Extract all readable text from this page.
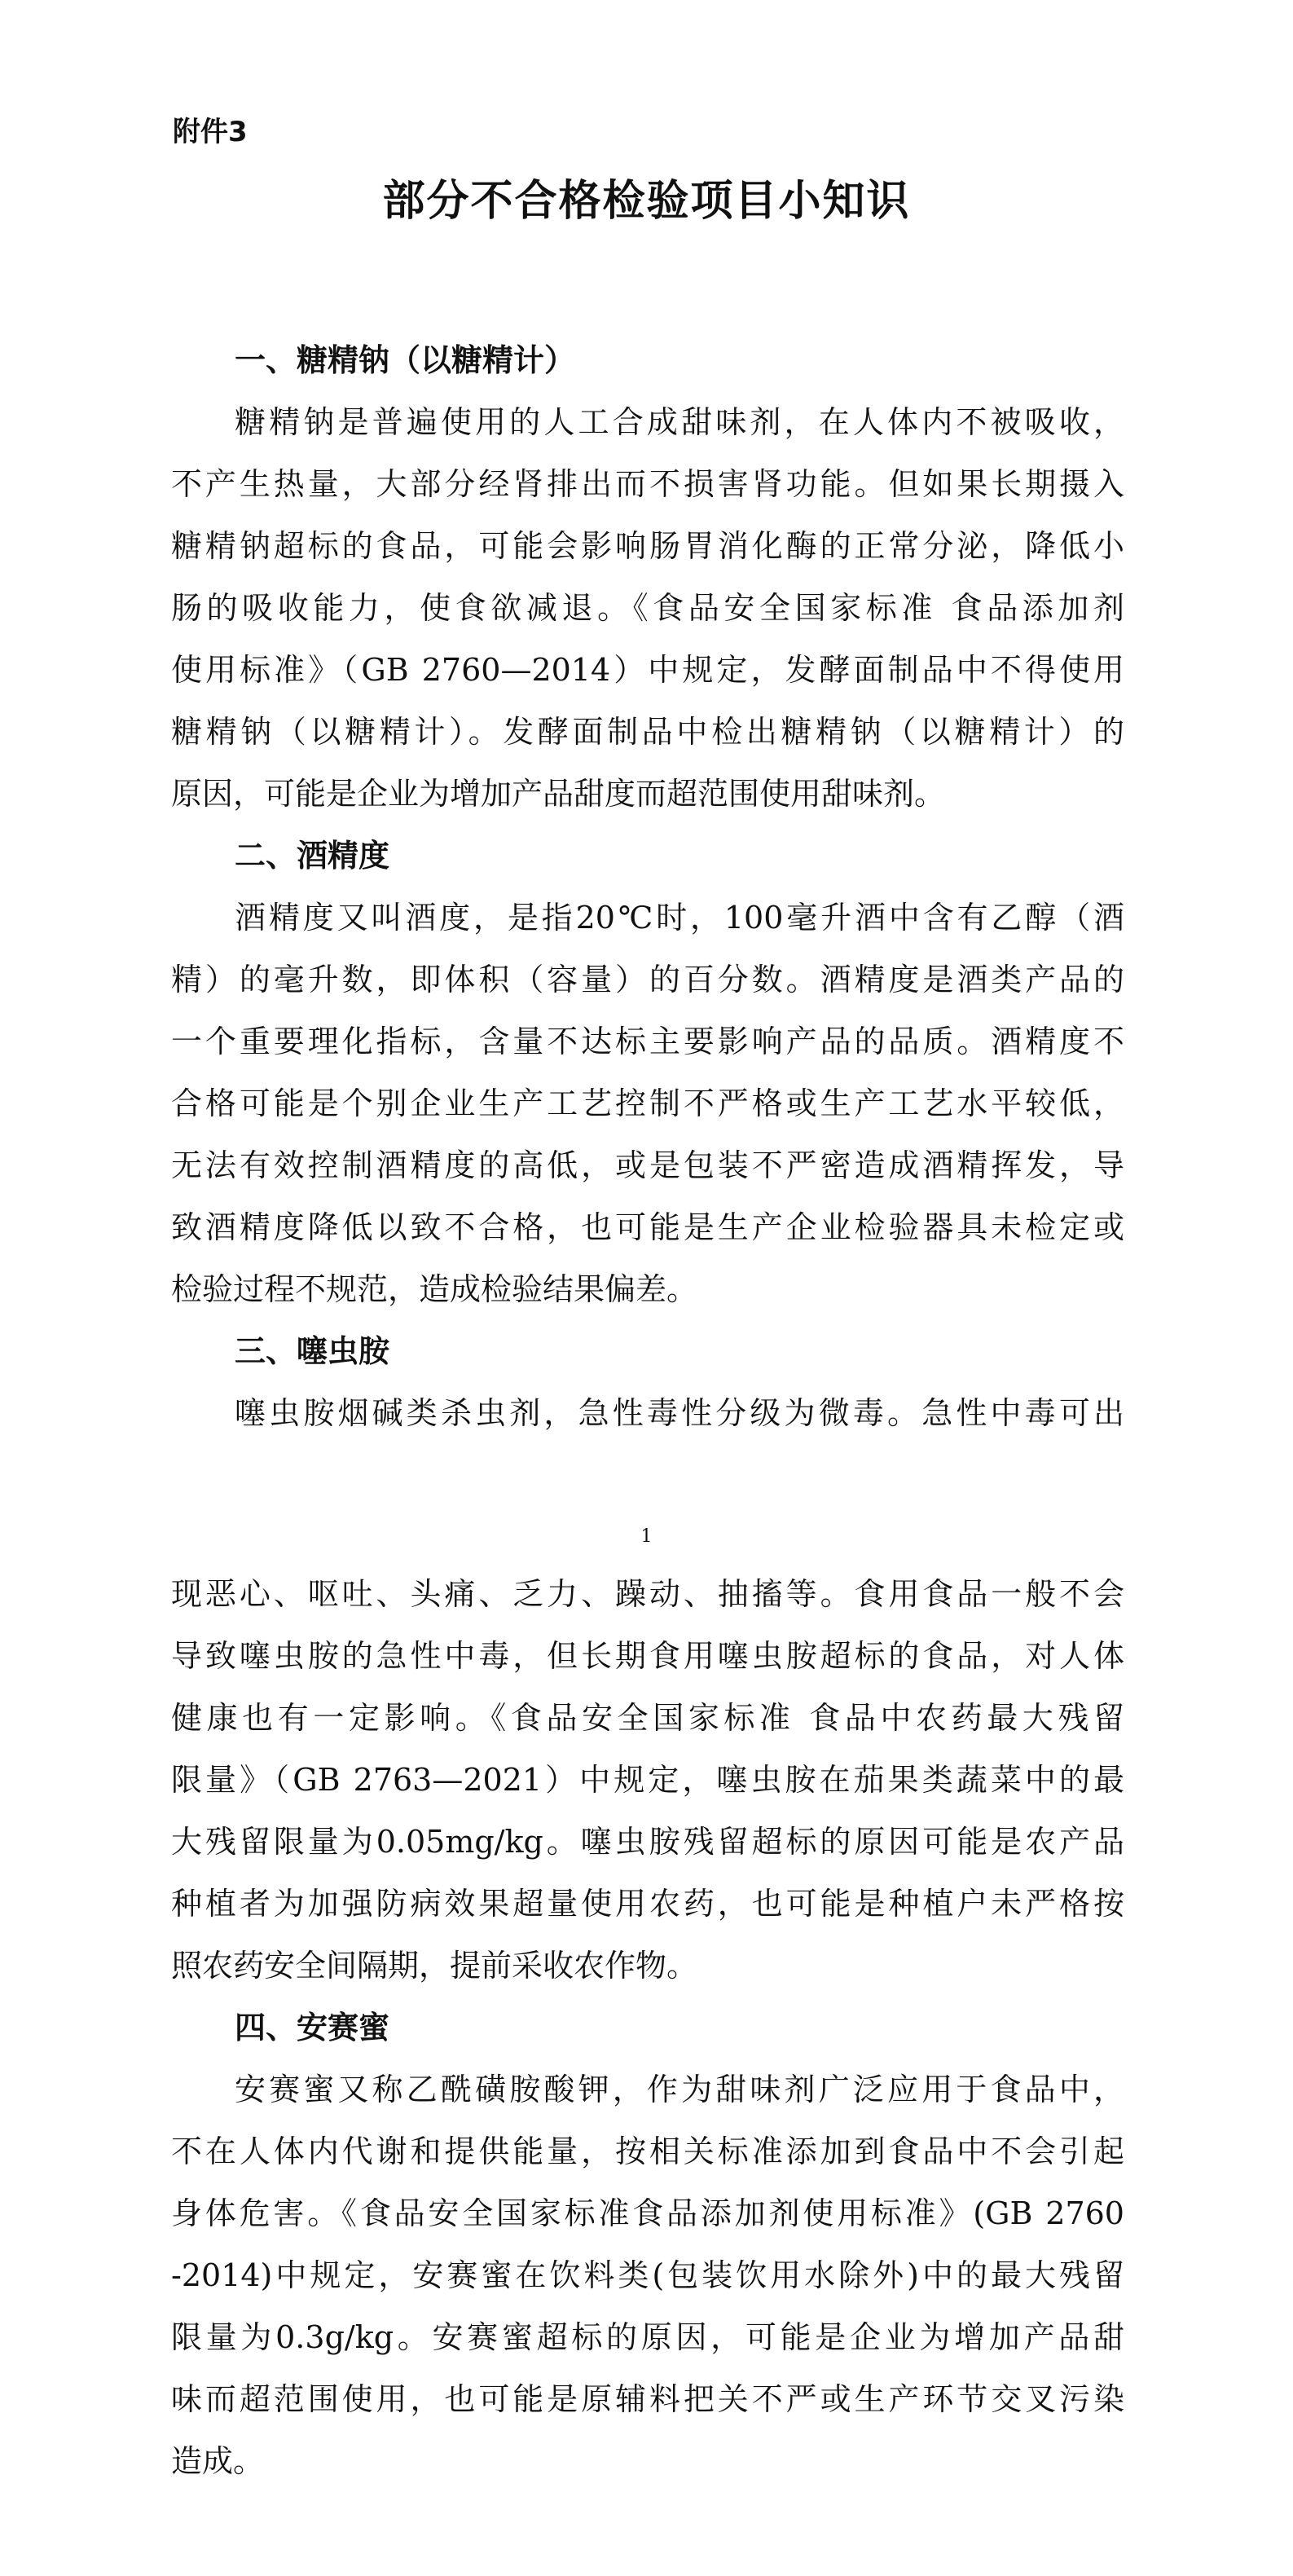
附件3
部分不合格检验项目小知识
一、糖精钠（以糖精计）
糖精钠是普遍使用的人工合成甜味剂，在人体内不被吸收，
不产生热量，大部分经肾排出而不损害肾功能。但如果长期摄入
糖精钠超标的食品，可能会影响肠胃消化酶的正常分泌，降低小
肠的吸收能力，使食欲减退。《食品安全国家标准 食品添加剂
使用标准》（GB 2760—2014）中规定，发酵面制品中不得使用
糖精钠（以糖精计）。发酵面制品中检出糖精钠（以糖精计）的
原因，可能是企业为增加产品甜度而超范围使用甜味剂。
二、酒精度
酒精度又叫酒度，是指20℃时，100毫升酒中含有乙醇（酒
精）的毫升数，即体积（容量）的百分数。酒精度是酒类产品的
一个重要理化指标，含量不达标主要影响产品的品质。酒精度不
合格可能是个别企业生产工艺控制不严格或生产工艺水平较低，
无法有效控制酒精度的高低，或是包装不严密造成酒精挥发，导
致酒精度降低以致不合格，也可能是生产企业检验器具未检定或
检验过程不规范，造成检验结果偏差。
三、噻虫胺
噻虫胺烟碱类杀虫剂，急性毒性分级为微毒。急性中毒可出
1
现恶心、呕吐、头痛、乏力、躁动、抽搐等。食用食品一般不会
导致噻虫胺的急性中毒，但长期食用噻虫胺超标的食品，对人体
健康也有一定影响。《食品安全国家标准 食品中农药最大残留
限量》（GB 2763—2021）中规定，噻虫胺在茄果类蔬菜中的最
大残留限量为0.05mg/kg。噻虫胺残留超标的原因可能是农产品
种植者为加强防病效果超量使用农药，也可能是种植户未严格按
照农药安全间隔期，提前采收农作物。
四、安赛蜜
安赛蜜又称乙酰磺胺酸钾，作为甜味剂广泛应用于食品中，
不在人体内代谢和提供能量，按相关标准添加到食品中不会引起
身体危害。《食品安全国家标准食品添加剂使用标准》(GB 2760
-2014)中规定，安赛蜜在饮料类(包装饮用水除外)中的最大残留
限量为0.3g/kg。安赛蜜超标的原因，可能是企业为增加产品甜
味而超范围使用，也可能是原辅料把关不严或生产环节交叉污染
造成。
